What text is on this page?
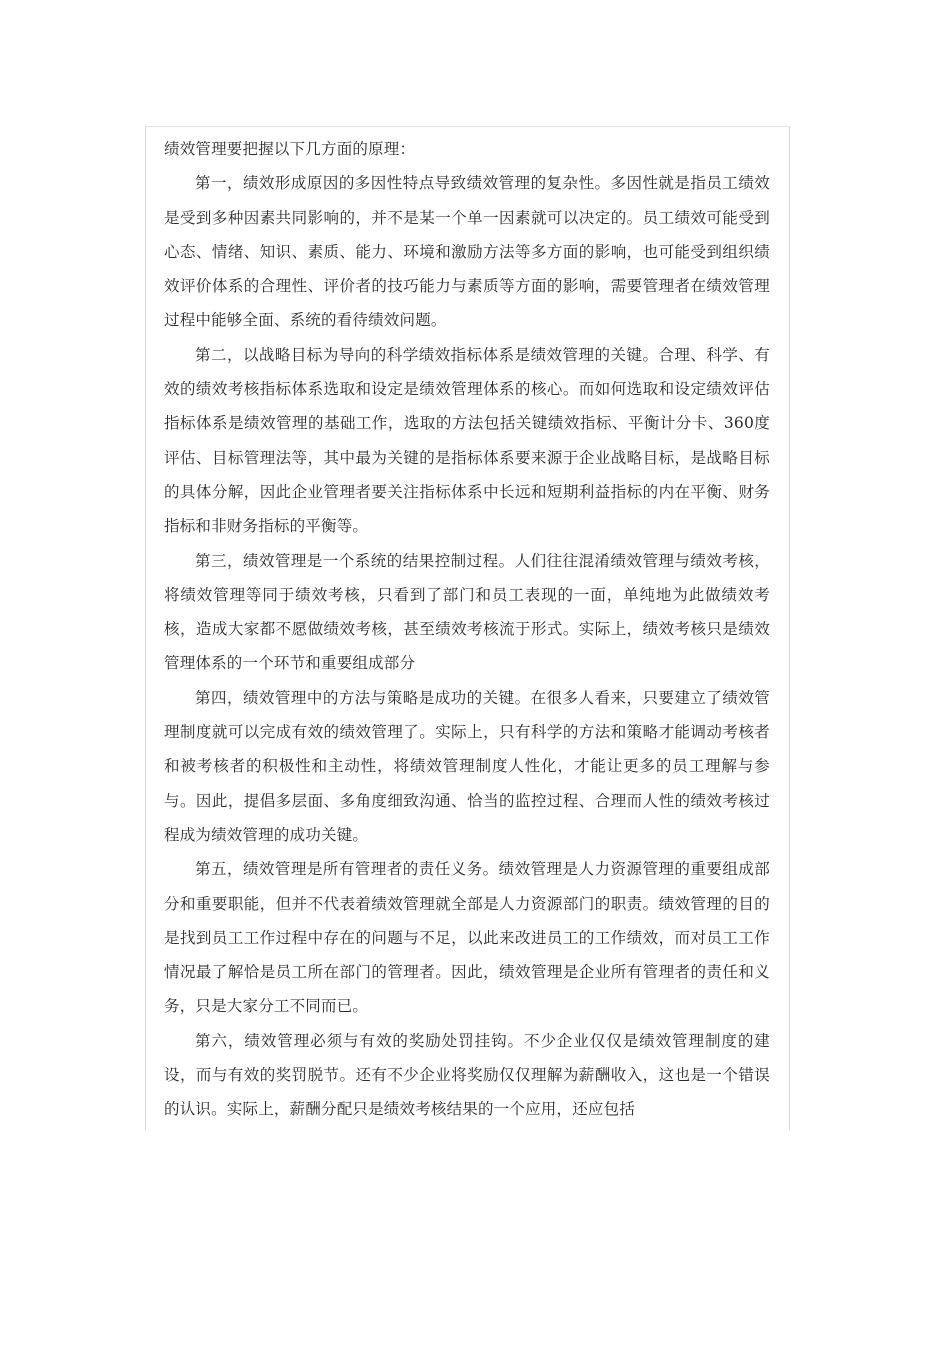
绩效管理要把握以下几方面的原理：

第一，绩效形成原因的多因性特点导致绩效管理的复杂性。多因性就是指员工绩效是受到多种因素共同影响的，并不是某一个单一因素就可以决定的。员工绩效可能受到心态、情绪、知识、素质、能力、环境和激励方法等多方面的影响，也可能受到组织绩效评价体系的合理性、评价者的技巧能力与素质等方面的影响，需要管理者在绩效管理过程中能够全面、系统的看待绩效问题。

第二，以战略目标为导向的科学绩效指标体系是绩效管理的关键。合理、科学、有效的绩效考核指标体系选取和设定是绩效管理体系的核心。而如何选取和设定绩效评估指标体系是绩效管理的基础工作，选取的方法包括关键绩效指标、平衡计分卡、360度评估、目标管理法等，其中最为关键的是指标体系要来源于企业战略目标，是战略目标的具体分解，因此企业管理者要关注指标体系中长远和短期利益指标的内在平衡、财务指标和非财务指标的平衡等。

第三，绩效管理是一个系统的结果控制过程。人们往往混淆绩效管理与绩效考核，将绩效管理等同于绩效考核，只看到了部门和员工表现的一面，单纯地为此做绩效考核，造成大家都不愿做绩效考核，甚至绩效考核流于形式。实际上，绩效考核只是绩效管理体系的一个环节和重要组成部分

第四，绩效管理中的方法与策略是成功的关键。在很多人看来，只要建立了绩效管理制度就可以完成有效的绩效管理了。实际上，只有科学的方法和策略才能调动考核者和被考核者的积极性和主动性，将绩效管理制度人性化，才能让更多的员工理解与参与。因此，提倡多层面、多角度细致沟通、恰当的监控过程、合理而人性的绩效考核过程成为绩效管理的成功关键。

第五，绩效管理是所有管理者的责任义务。绩效管理是人力资源管理的重要组成部分和重要职能，但并不代表着绩效管理就全部是人力资源部门的职责。绩效管理的目的是找到员工工作过程中存在的问题与不足，以此来改进员工的工作绩效，而对员工工作情况最了解恰是员工所在部门的管理者。因此，绩效管理是企业所有管理者的责任和义务，只是大家分工不同而已。

第六，绩效管理必须与有效的奖励处罚挂钩。不少企业仅仅是绩效管理制度的建设，而与有效的奖罚脱节。还有不少企业将奖励仅仅理解为薪酬收入，这也是一个错误的认识。实际上，薪酬分配只是绩效考核结果的一个应用，还应包括
